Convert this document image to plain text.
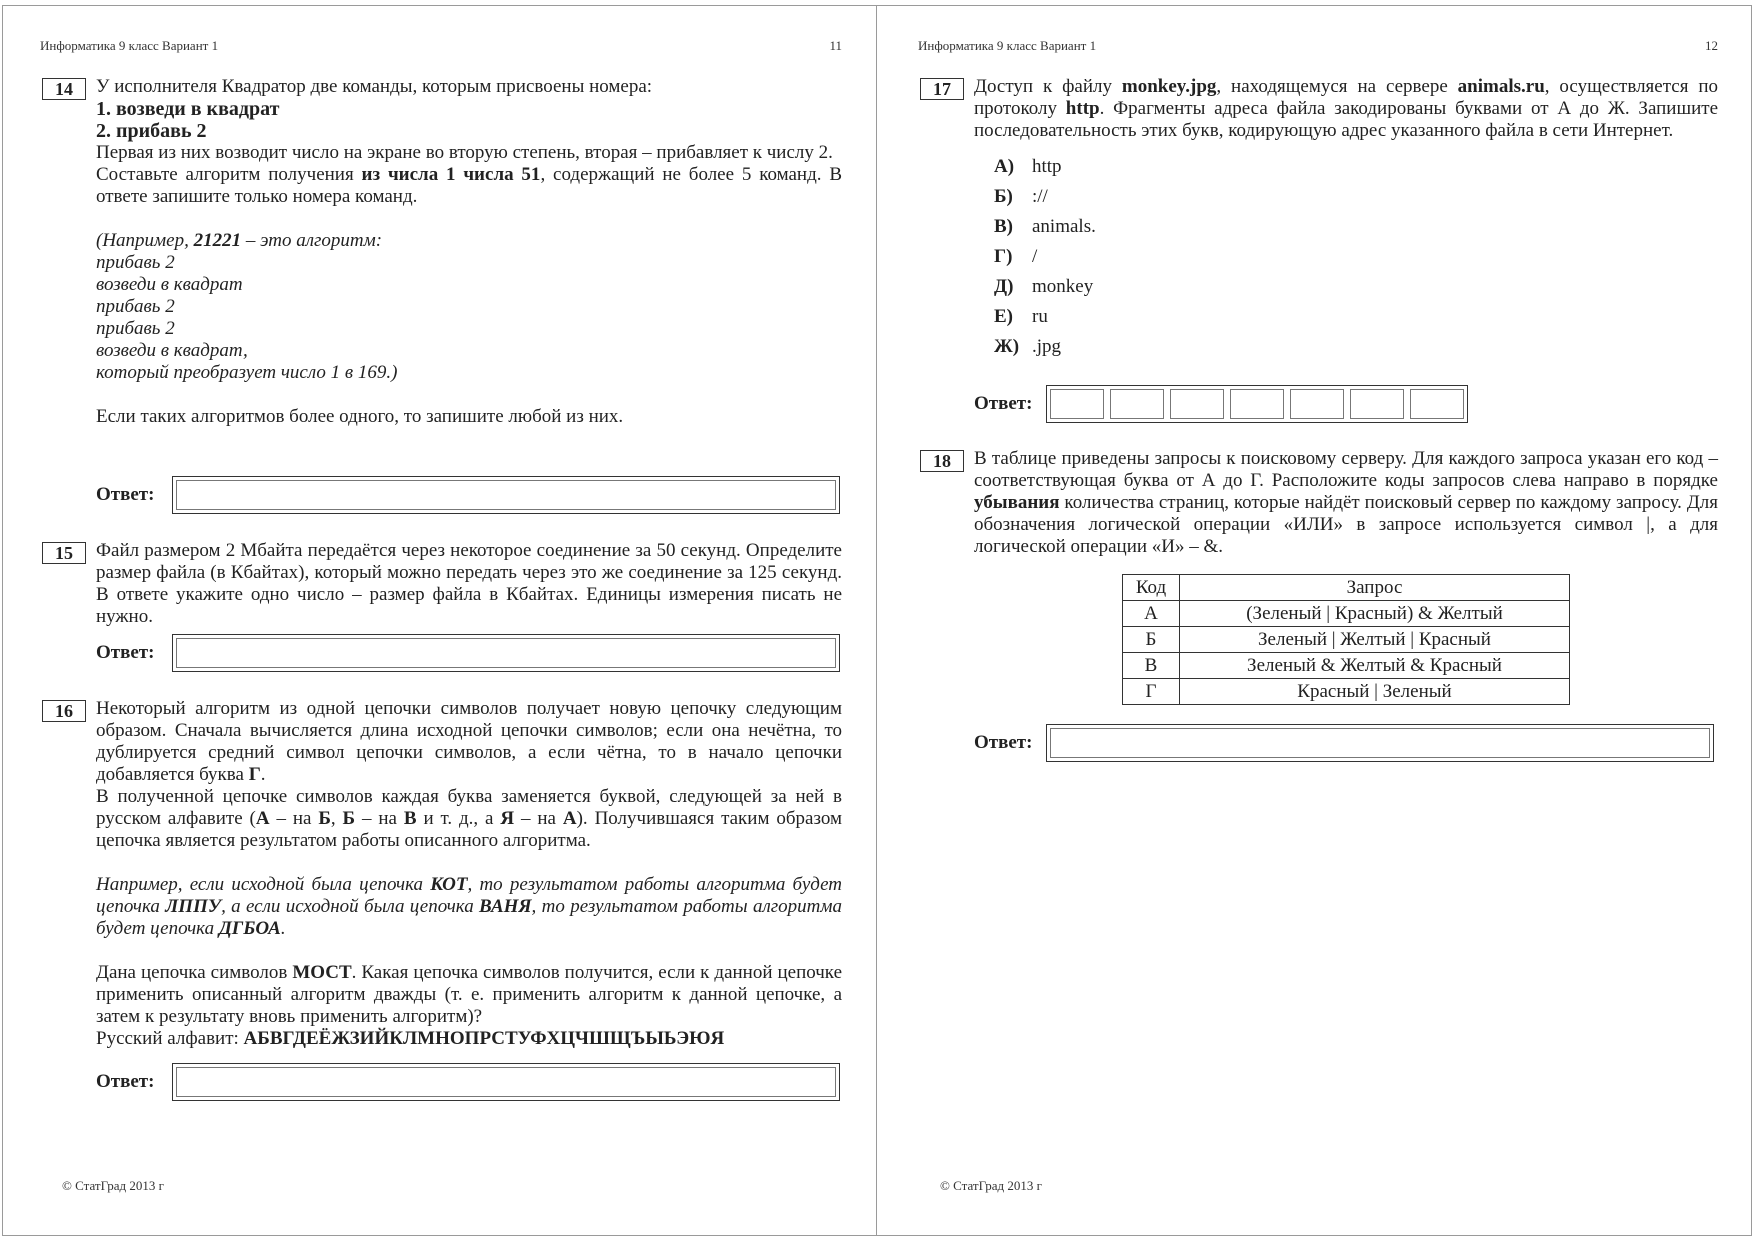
Информатика 9 класс Вариант 1	11
14	У исполнителя Квадратор две команды, которым присвоены номера:

1. возведи в квадрат

2. прибавь 2

Первая из них возводит число на экране во вторую степень, вторая – прибавляет к числу 2.

Составьте алгоритм получения из числа 1 числа 51, содержащий не более 5 команд. В ответе запишите только номера команд.

(Например, 21221 – это алгоритм:

прибавь 2

возведи в квадрат

прибавь 2

прибавь 2

возведи в квадрат,

который преобразует число 1 в 169.)

Если таких алгоритмов более одного, то запишите любой из них.

Ответ:
15	Файл размером 2 Мбайта передаётся через некоторое соединение за 50 секунд. Определите размер файла (в Кбайтах), который можно передать через это же соединение за 125 секунд. В ответе укажите одно число – размер файла в Кбайтах. Единицы измерения писать не нужно.

Ответ:
16	Некоторый алгоритм из одной цепочки символов получает новую цепочку следующим образом. Сначала вычисляется длина исходной цепочки символов; если она нечётна, то дублируется средний символ цепочки символов, а если чётна, то в начало цепочки добавляется буква Г.

В полученной цепочке символов каждая буква заменяется буквой, следующей за ней в русском алфавите (А – на Б, Б – на В и т. д., а Я – на А). Получившаяся таким образом цепочка является результатом работы описанного алгоритма.

Например, если исходной была цепочка КОТ, то результатом работы алгоритма будет цепочка ЛППУ, а если исходной была цепочка ВАНЯ, то результатом работы алгоритма будет цепочка ДГБОА.

Дана цепочка символов МОСТ. Какая цепочка символов получится, если к данной цепочке применить описанный алгоритм дважды (т. е. применить алгоритм к данной цепочке, а затем к результату вновь применить алгоритм)?

Русский алфавит: АБВГДЕЁЖЗИЙКЛМНОПРСТУФХЦЧШЩЪЫЬЭЮЯ

Ответ:
© СтатГрад 2013 г
Информатика 9 класс Вариант 1	12
17	Доступ к файлу monkey.jpg, находящемуся на сервере animals.ru, осуществляется по протоколу http. Фрагменты адреса файла закодированы буквами от А до Ж. Запишите последовательность этих букв, кодирующую адрес указанного файла в сети Интернет.

А) http
Б)	://
В)	animals.
Г)	/
Д) monkey
Е)	ru
Ж) .jpg
Ответ:
18	В таблице приведены запросы к поисковому серверу. Для каждого запроса указан его код – соответствующая буква от А до Г. Расположите коды запросов слева направо в порядке убывания количества страниц, которые найдёт поисковый сервер по каждому запросу. Для обозначения логической операции «ИЛИ» в запросе используется символ |, а для логической операции «И» – &.

Код	Запрос
А	(Зеленый | Красный) & Желтый
Б	Зеленый | Желтый | Красный
В	Зеленый & Желтый & Красный
Г	Красный | Зеленый
Ответ:
© СтатГрад 2013 г
